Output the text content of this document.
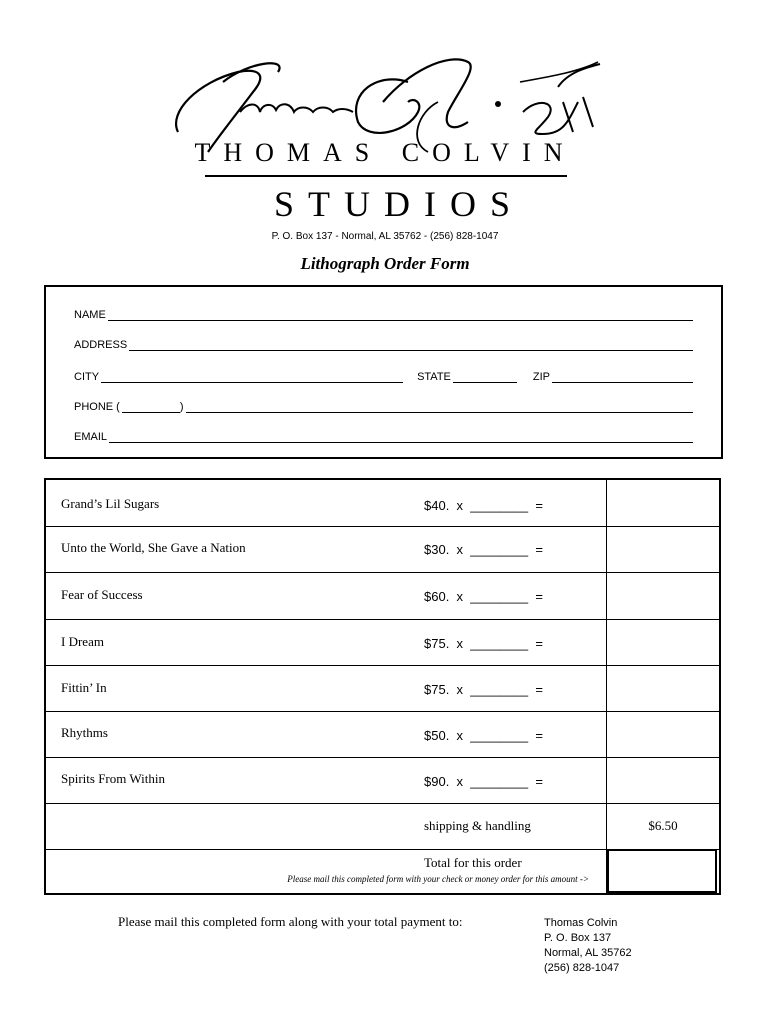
THOMAS COLVIN
STUDIOS
P. O. Box 137 - Normal, AL 35762 - (256) 828-1047
Lithograph Order Form
NAME
ADDRESS
CITY	STATE	ZIP
PHONE (	)
EMAIL
Grand’s Lil Sugars	$40.  x  ________  =
Unto the World, She Gave a Nation	$30.  x  ________  =
Fear of Success	$60.  x  ________  =
I Dream	$75.  x  ________  =
Fittin’ In	$75.  x  ________  =
Rhythms	$50.  x  ________  =
Spirits From Within	$90.  x  ________  =
shipping & handling	$6.50
Total for this order
Please mail this completed form with your check or money order for this amount ->
Please mail this completed form along with your total payment to:	Thomas Colvin
P. O. Box 137
Normal, AL 35762
(256) 828-1047
